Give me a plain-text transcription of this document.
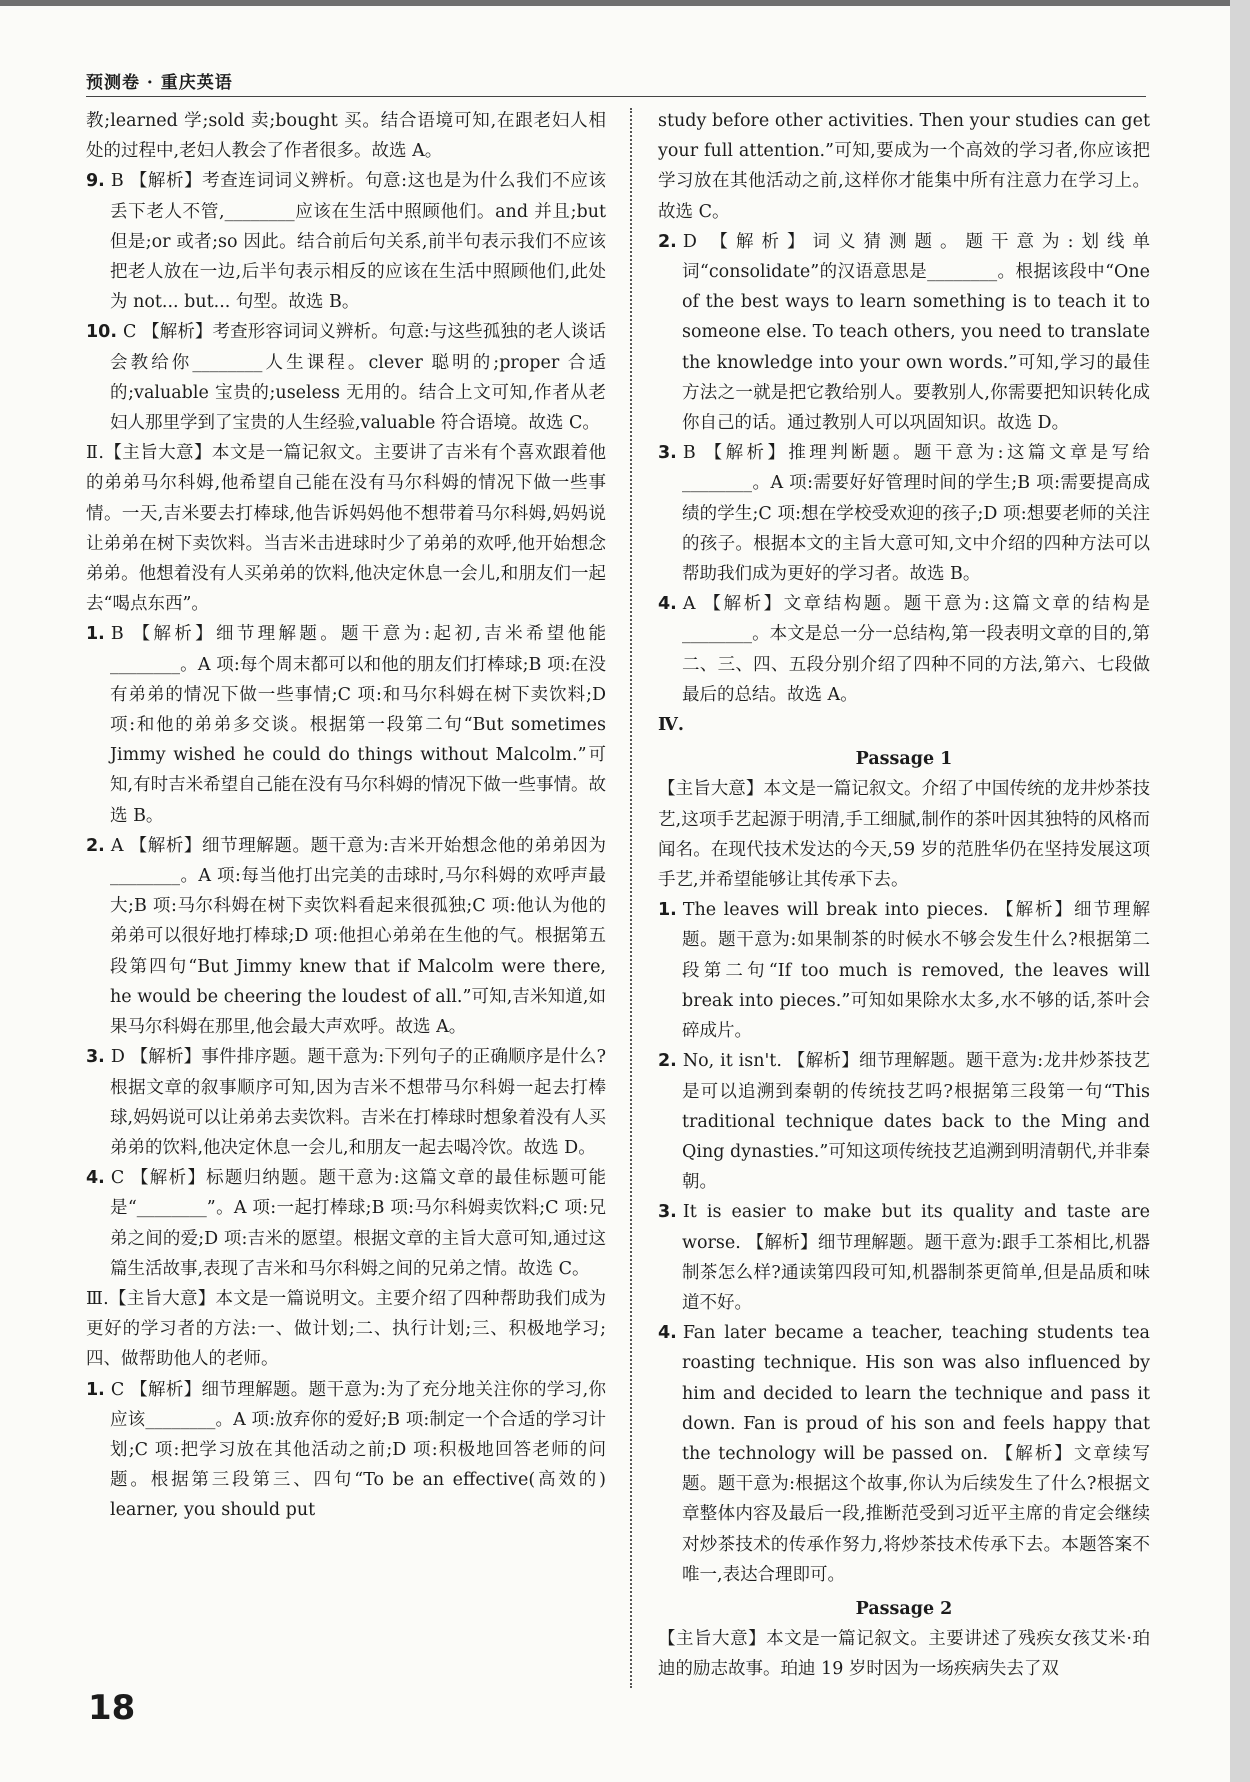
预测卷 · 重庆英语

教;learned 学;sold 卖;bought 买。结合语境可知,在跟老妇人相处的过程中,老妇人教会了作者很多。故选 A。

9. B 【解析】考查连词词义辨析。句意:这也是为什么我们不应该丢下老人不管,________应该在生活中照顾他们。and 并且;but 但是;or 或者;so 因此。结合前后句关系,前半句表示我们不应该把老人放在一边,后半句表示相反的应该在生活中照顾他们,此处为 not... but... 句型。故选 B。

10. C 【解析】考查形容词词义辨析。句意:与这些孤独的老人谈话会教给你________人生课程。clever 聪明的;proper 合适的;valuable 宝贵的;useless 无用的。结合上文可知,作者从老妇人那里学到了宝贵的人生经验,valuable 符合语境。故选 C。

Ⅱ.【主旨大意】本文是一篇记叙文。主要讲了吉米有个喜欢跟着他的弟弟马尔科姆,他希望自己能在没有马尔科姆的情况下做一些事情。一天,吉米要去打棒球,他告诉妈妈他不想带着马尔科姆,妈妈说让弟弟在树下卖饮料。当吉米击进球时少了弟弟的欢呼,他开始想念弟弟。他想着没有人买弟弟的饮料,他决定休息一会儿,和朋友们一起去“喝点东西”。

1. B 【解析】细节理解题。题干意为:起初,吉米希望他能________。A 项:每个周末都可以和他的朋友们打棒球;B 项:在没有弟弟的情况下做一些事情;C 项:和马尔科姆在树下卖饮料;D 项:和他的弟弟多交谈。根据第一段第二句“But sometimes Jimmy wished he could do things without Malcolm.”可知,有时吉米希望自己能在没有马尔科姆的情况下做一些事情。故选 B。

2. A 【解析】细节理解题。题干意为:吉米开始想念他的弟弟因为________。A 项:每当他打出完美的击球时,马尔科姆的欢呼声最大;B 项:马尔科姆在树下卖饮料看起来很孤独;C 项:他认为他的弟弟可以很好地打棒球;D 项:他担心弟弟在生他的气。根据第五段第四句“But Jimmy knew that if Malcolm were there, he would be cheering the loudest of all.”可知,吉米知道,如果马尔科姆在那里,他会最大声欢呼。故选 A。

3. D 【解析】事件排序题。题干意为:下列句子的正确顺序是什么?根据文章的叙事顺序可知,因为吉米不想带马尔科姆一起去打棒球,妈妈说可以让弟弟去卖饮料。吉米在打棒球时想象着没有人买弟弟的饮料,他决定休息一会儿,和朋友一起去喝冷饮。故选 D。

4. C 【解析】标题归纳题。题干意为:这篇文章的最佳标题可能是“________”。A 项:一起打棒球;B 项:马尔科姆卖饮料;C 项:兄弟之间的爱;D 项:吉米的愿望。根据文章的主旨大意可知,通过这篇生活故事,表现了吉米和马尔科姆之间的兄弟之情。故选 C。

Ⅲ.【主旨大意】本文是一篇说明文。主要介绍了四种帮助我们成为更好的学习者的方法:一、做计划;二、执行计划;三、积极地学习;四、做帮助他人的老师。

1. C 【解析】细节理解题。题干意为:为了充分地关注你的学习,你应该________。A 项:放弃你的爱好;B 项:制定一个合适的学习计划;C 项:把学习放在其他活动之前;D 项:积极地回答老师的问题。根据第三段第三、四句“To be an effective(高效的) learner, you should put

study before other activities. Then your studies can get your full attention.”可知,要成为一个高效的学习者,你应该把学习放在其他活动之前,这样你才能集中所有注意力在学习上。故选 C。

2. D 【解析】词义猜测题。题干意为:划线单词“consolidate”的汉语意思是________。根据该段中“One of the best ways to learn something is to teach it to someone else. To teach others, you need to translate the knowledge into your own words.”可知,学习的最佳方法之一就是把它教给别人。要教别人,你需要把知识转化成你自己的话。通过教别人可以巩固知识。故选 D。

3. B 【解析】推理判断题。题干意为:这篇文章是写给________。A 项:需要好好管理时间的学生;B 项:需要提高成绩的学生;C 项:想在学校受欢迎的孩子;D 项:想要老师的关注的孩子。根据本文的主旨大意可知,文中介绍的四种方法可以帮助我们成为更好的学习者。故选 B。

4. A 【解析】文章结构题。题干意为:这篇文章的结构是________。本文是总一分一总结构,第一段表明文章的目的,第二、三、四、五段分别介绍了四种不同的方法,第六、七段做最后的总结。故选 A。

Ⅳ.

Passage 1

【主旨大意】本文是一篇记叙文。介绍了中国传统的龙井炒茶技艺,这项手艺起源于明清,手工细腻,制作的茶叶因其独特的风格而闻名。在现代技术发达的今天,59 岁的范胜华仍在坚持发展这项手艺,并希望能够让其传承下去。

1. The leaves will break into pieces. 【解析】细节理解题。题干意为:如果制茶的时候水不够会发生什么?根据第二段第二句“If too much is removed, the leaves will break into pieces.”可知如果除水太多,水不够的话,茶叶会碎成片。

2. No, it isn't. 【解析】细节理解题。题干意为:龙井炒茶技艺是可以追溯到秦朝的传统技艺吗?根据第三段第一句“This traditional technique dates back to the Ming and Qing dynasties.”可知这项传统技艺追溯到明清朝代,并非秦朝。

3. It is easier to make but its quality and taste are worse. 【解析】细节理解题。题干意为:跟手工茶相比,机器制茶怎么样?通读第四段可知,机器制茶更简单,但是品质和味道不好。

4. Fan later became a teacher, teaching students tea roasting technique. His son was also influenced by him and decided to learn the technique and pass it down. Fan is proud of his son and feels happy that the technology will be passed on. 【解析】文章续写题。题干意为:根据这个故事,你认为后续发生了什么?根据文章整体内容及最后一段,推断范受到习近平主席的肯定会继续对炒茶技术的传承作努力,将炒茶技术传承下去。本题答案不唯一,表达合理即可。

Passage 2

【主旨大意】本文是一篇记叙文。主要讲述了残疾女孩艾米·珀迪的励志故事。珀迪 19 岁时因为一场疾病失去了双

18
